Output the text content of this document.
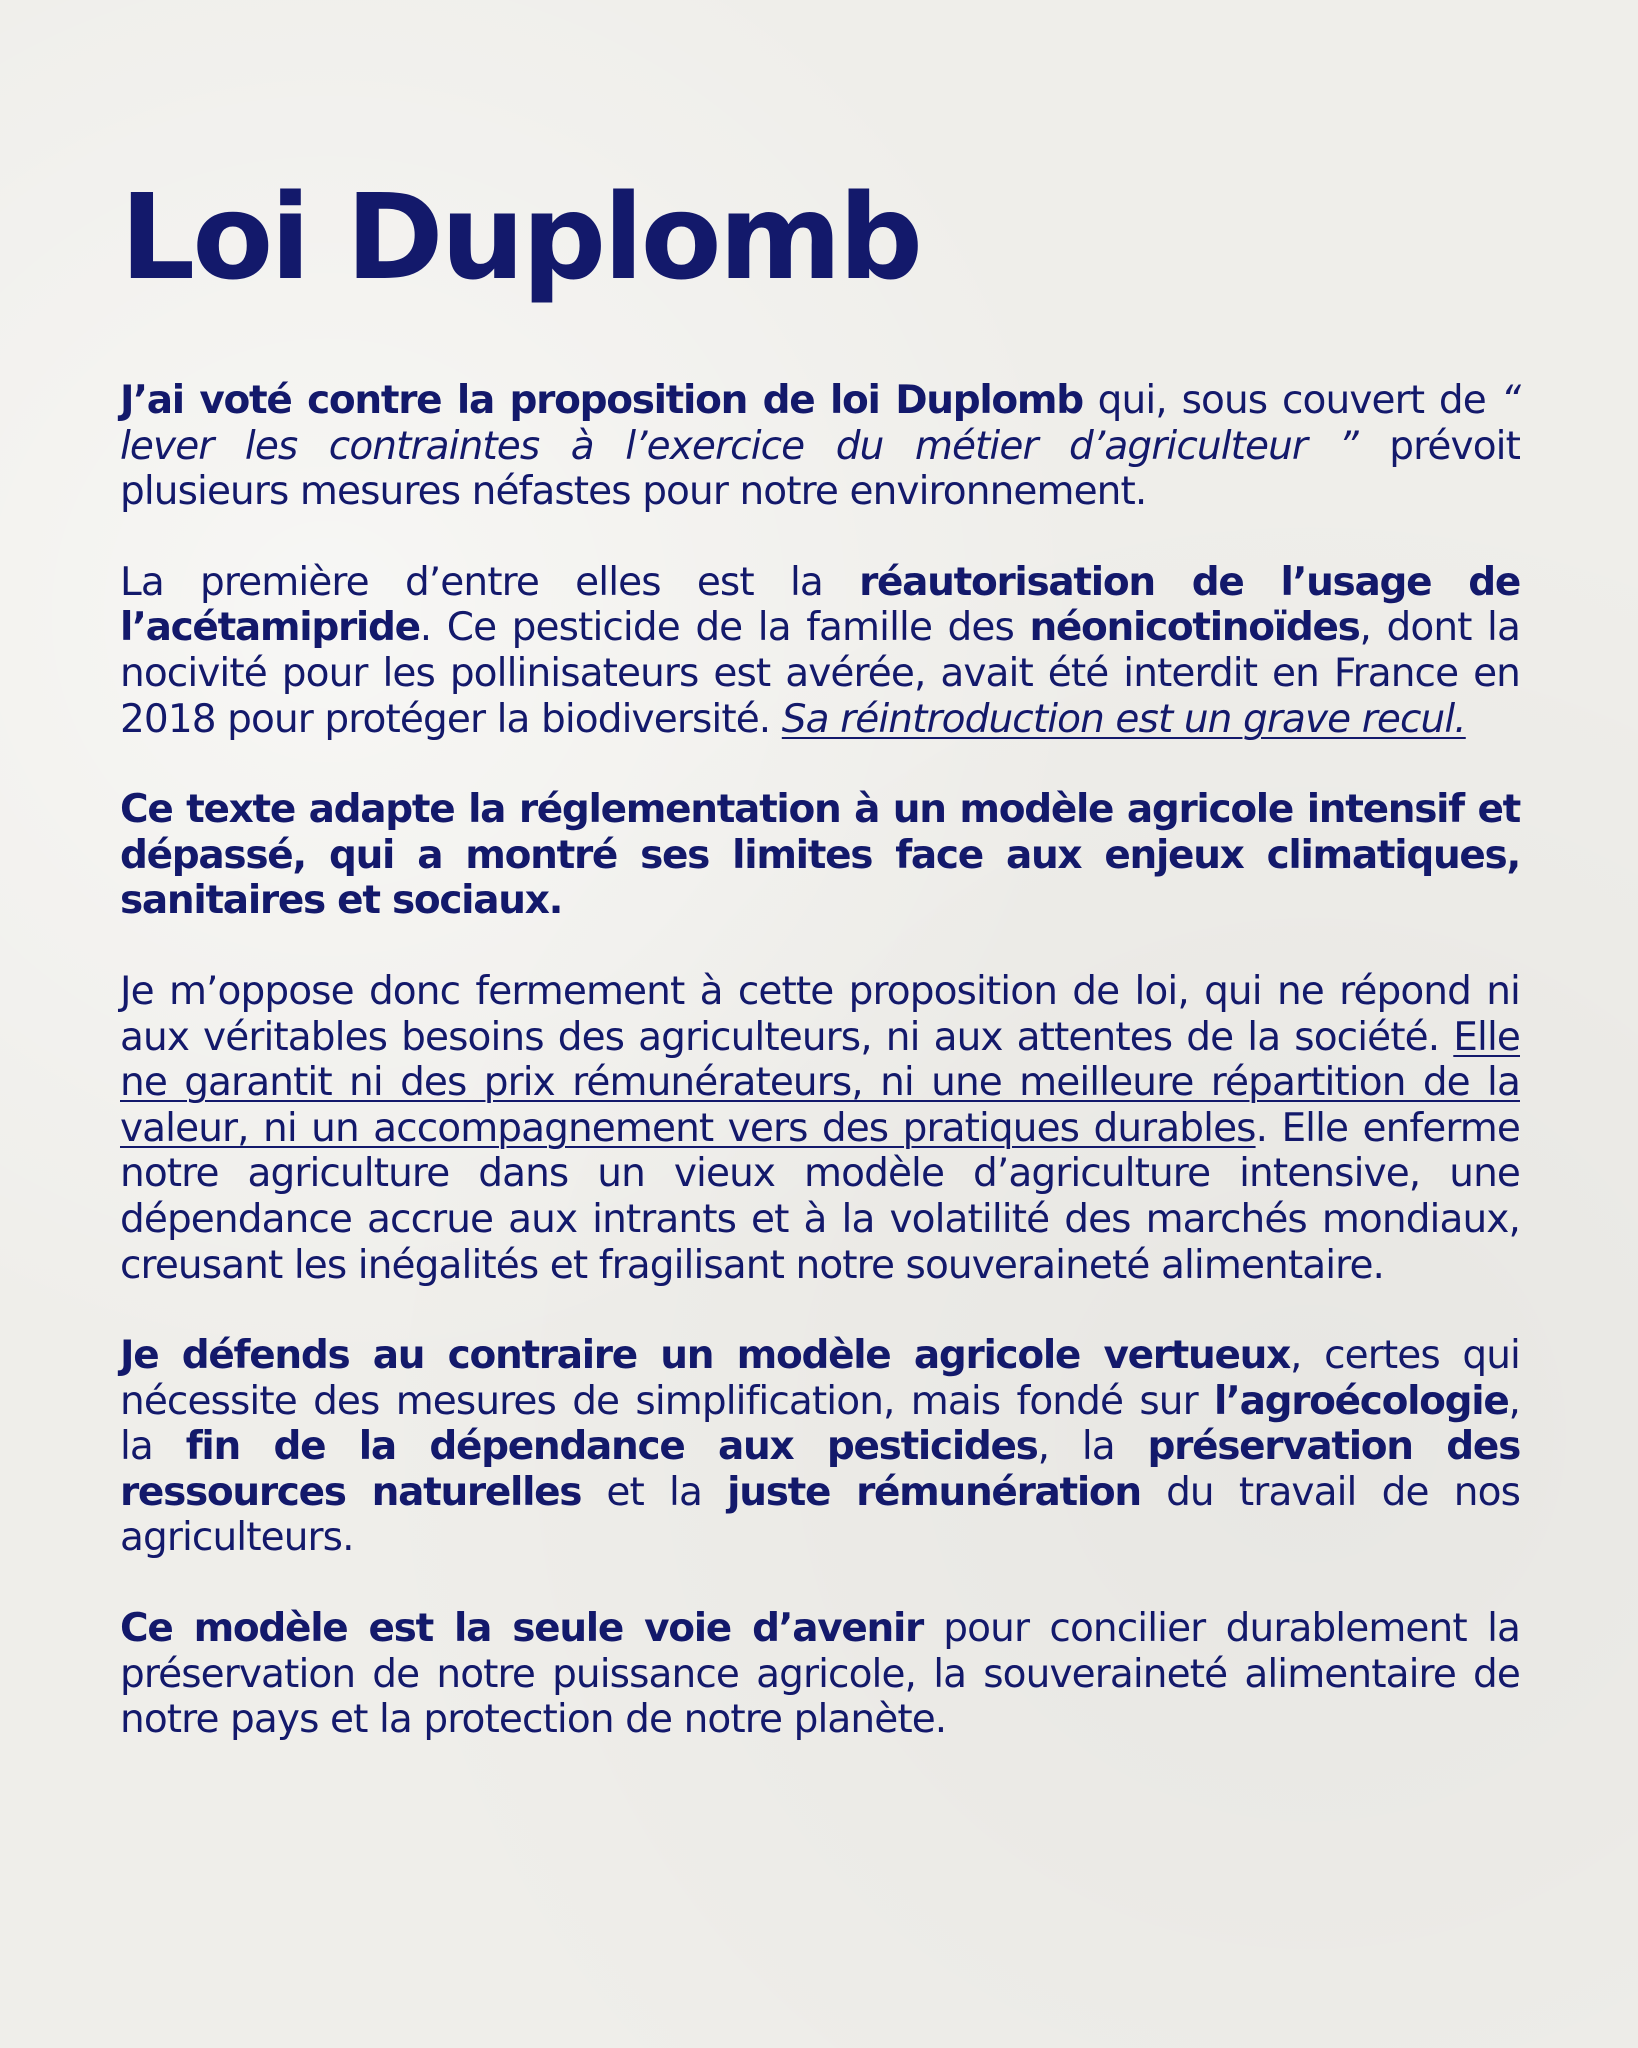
Loi Duplomb

J’ai voté contre la proposition de loi Duplomb qui, sous couvert de “ lever les contraintes à l’exercice du métier d’agriculteur ” prévoit plusieurs mesures néfastes pour notre environnement.

La première d’entre elles est la réautorisation de l’usage de l’acétamipride. Ce pesticide de la famille des néonicotinoïdes, dont la nocivité pour les pollinisateurs est avérée, avait été interdit en France en 2018 pour protéger la biodiversité. Sa réintroduction est un grave recul.

Ce texte adapte la réglementation à un modèle agricole intensif et dépassé, qui a montré ses limites face aux enjeux climatiques, sanitaires et sociaux.

Je m’oppose donc fermement à cette proposition de loi, qui ne répond ni aux véritables besoins des agriculteurs, ni aux attentes de la société. Elle ne garantit ni des prix rémunérateurs, ni une meilleure répartition de la valeur, ni un accompagnement vers des pratiques durables. Elle enferme notre agriculture dans un vieux modèle d’agriculture intensive, une dépendance accrue aux intrants et à la volatilité des marchés mondiaux, creusant les inégalités et fragilisant notre souveraineté alimentaire.

Je défends au contraire un modèle agricole vertueux, certes qui nécessite des mesures de simplification, mais fondé sur l’agroécologie, la fin de la dépendance aux pesticides, la préservation des ressources naturelles et la juste rémunération du travail de nos agriculteurs.

Ce modèle est la seule voie d’avenir pour concilier durablement la préservation de notre puissance agricole, la souveraineté alimentaire de notre pays et la protection de notre planète.
